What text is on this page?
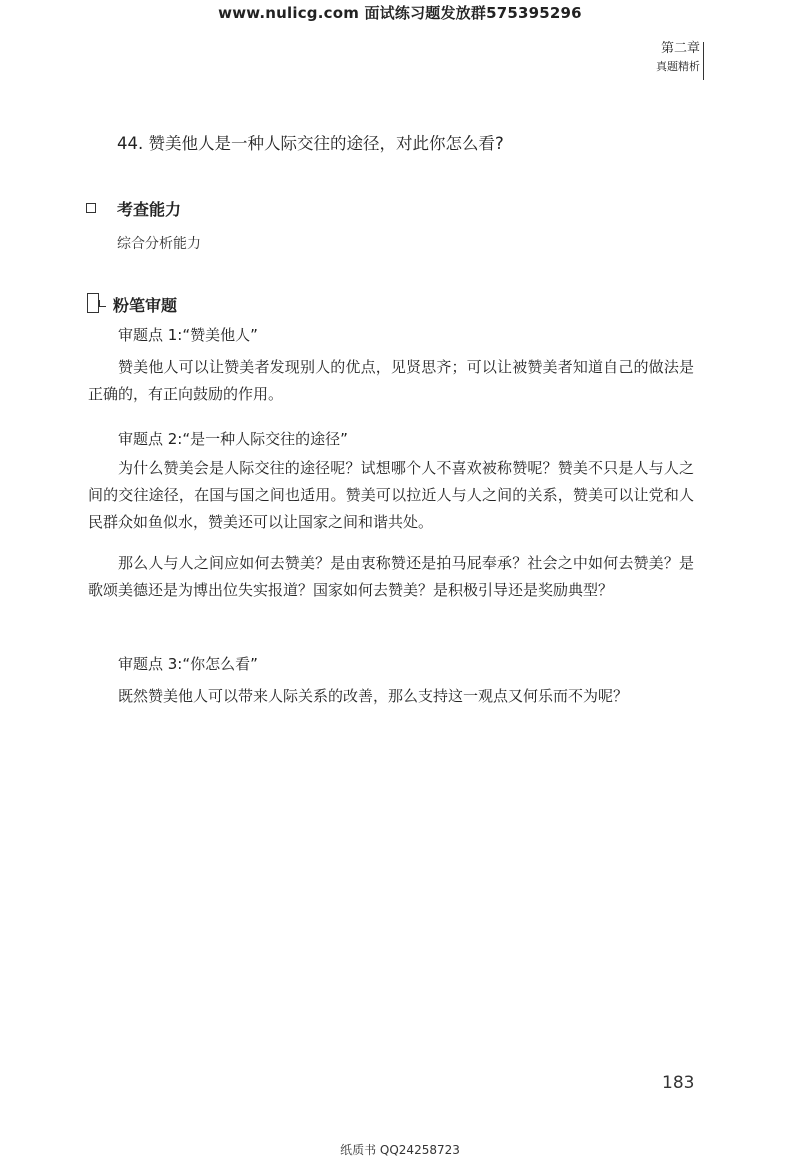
www.nulicg.com 面试练习题发放群575395296
第二章
真题精析
44. 赞美他人是一种人际交往的途径，对此你怎么看?
考查能力
综合分析能力
粉笔审题
审题点 1:“赞美他人”
赞美他人可以让赞美者发现别人的优点，见贤思齐；可以让被赞美者知道自己的做法是正确的，有正向鼓励的作用。
审题点 2:“是一种人际交往的途径”
为什么赞美会是人际交往的途径呢？试想哪个人不喜欢被称赞呢？赞美不只是人与人之间的交往途径，在国与国之间也适用。赞美可以拉近人与人之间的关系，赞美可以让党和人民群众如鱼似水，赞美还可以让国家之间和谐共处。
那么人与人之间应如何去赞美？是由衷称赞还是拍马屁奉承？社会之中如何去赞美？是歌颂美德还是为博出位失实报道？国家如何去赞美？是积极引导还是奖励典型？
审题点 3:“你怎么看”
既然赞美他人可以带来人际关系的改善，那么支持这一观点又何乐而不为呢？
183
纸质书 QQ24258723
